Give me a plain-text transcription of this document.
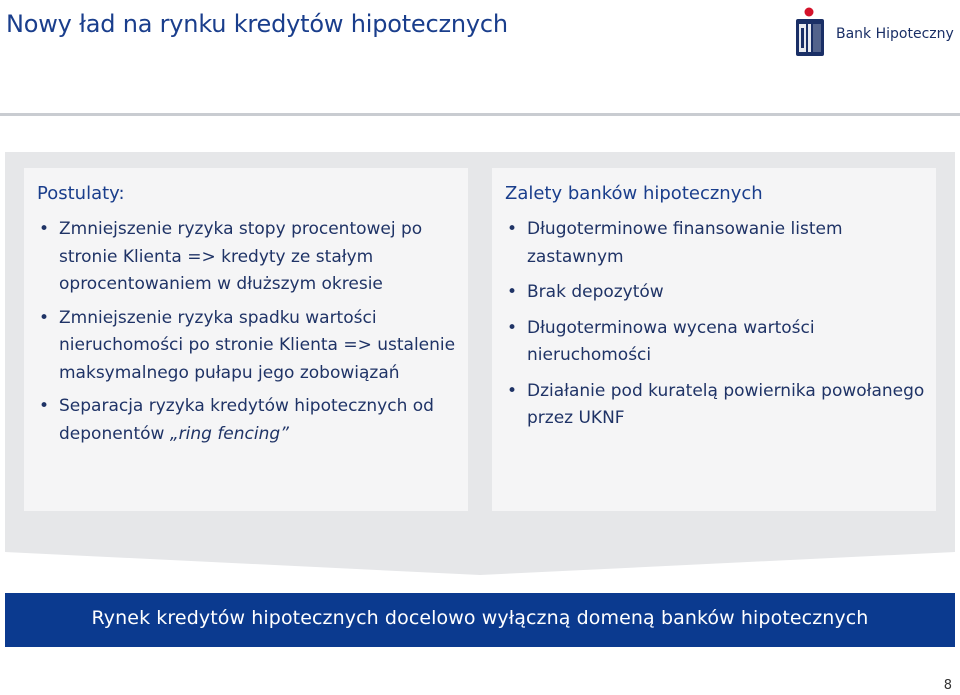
Nowy ład na rynku kredytów hipotecznych	Bank Hipoteczny
Postulaty:
• Zmniejszenie ryzyka stopy procentowej po stronie Klienta => kredyty ze stałym oprocentowaniem w dłuższym okresie
• Zmniejszenie ryzyka spadku wartości nieruchomości po stronie Klienta => ustalenie maksymalnego pułapu jego zobowiązań
• Separacja ryzyka kredytów hipotecznych od deponentów „ring fencing”
Zalety banków hipotecznych
• Długoterminowe finansowanie listem zastawnym
• Brak depozytów
• Długoterminowa wycena wartości nieruchomości
• Działanie pod kuratelą powiernika powołanego przez UKNF
Rynek kredytów hipotecznych docelowo wyłączną domeną banków hipotecznych
8
